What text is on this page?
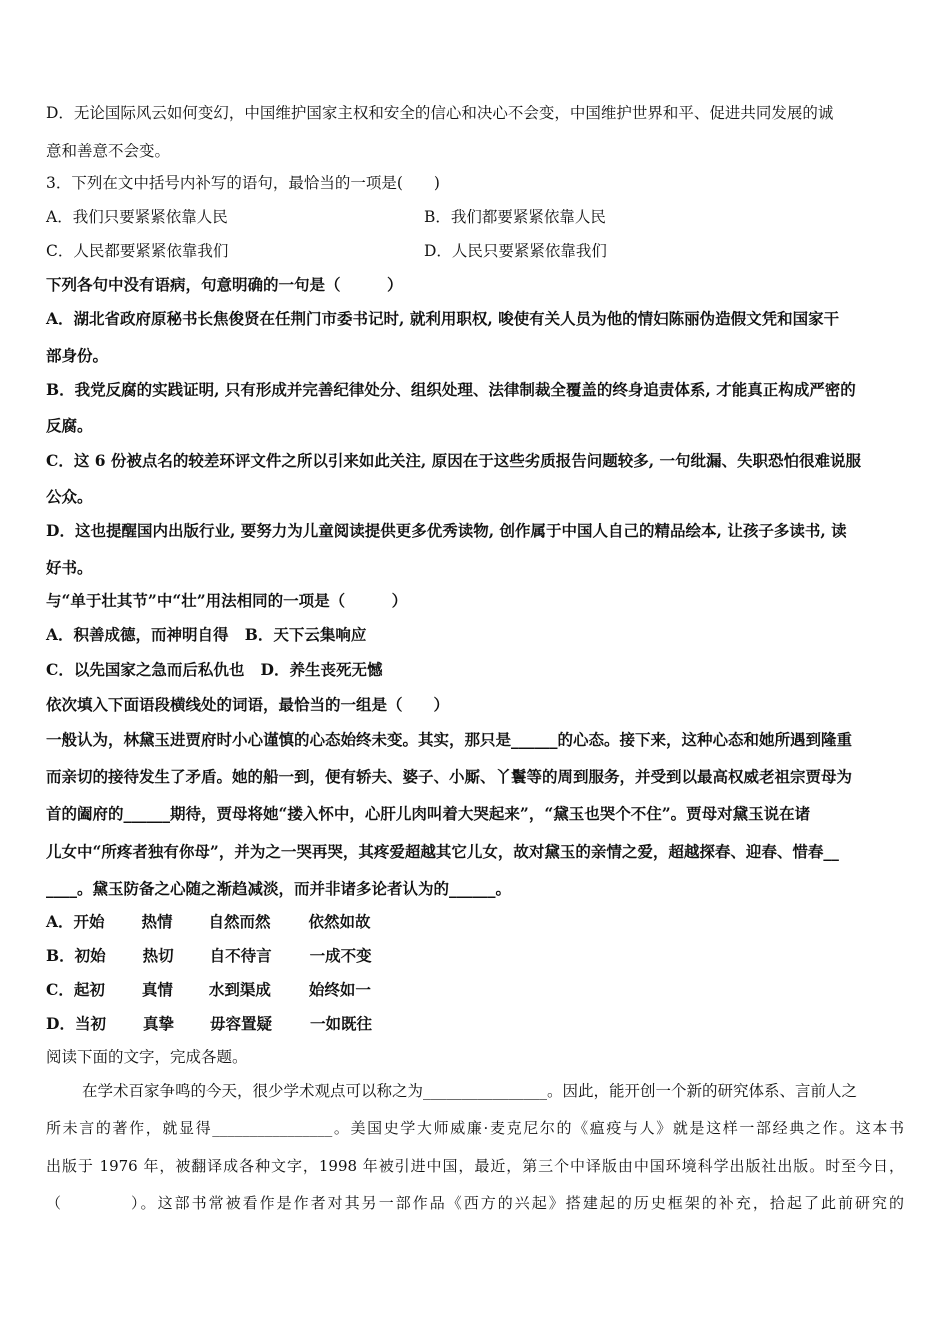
D．无论国际风云如何变幻，中国维护国家主权和安全的信心和决心不会变，中国维护世界和平、促进共同发展的诚
意和善意不会变。
3．下列在文中括号内补写的语句，最恰当的一项是(　　)
A．我们只要紧紧依靠人民	B．我们都要紧紧依靠人民
C．人民都要紧紧依靠我们	D．人民只要紧紧依靠我们
下列各句中没有语病，句意明确的一句是（　　　）
A．湖北省政府原秘书长焦俊贤在任荆门市委书记时, 就利用职权, 唆使有关人员为他的情妇陈丽伪造假文凭和国家干
部身份。
B．我党反腐的实践证明, 只有形成并完善纪律处分、组织处理、法律制裁全覆盖的终身追责体系, 才能真正构成严密的
反腐。
C．这 6 份被点名的较差环评文件之所以引来如此关注, 原因在于这些劣质报告问题较多, 一句纰漏、失职恐怕很难说服
公众。
D．这也提醒国内出版行业, 要努力为儿童阅读提供更多优秀读物, 创作属于中国人自己的精品绘本, 让孩子多读书, 读
好书。
与“单于壮其节”中“壮”用法相同的一项是（　　　）
A．积善成德，而神明自得 B．天下云集响应
C．以先国家之急而后私仇也 D．养生丧死无憾
依次填入下面语段横线处的词语，最恰当的一组是（　　）
一般认为，林黛玉进贾府时小心谨慎的心态始终未变。其实，那只是______的心态。接下来，这种心态和她所遇到隆重
而亲切的接待发生了矛盾。她的船一到，便有轿夫、婆子、小厮、丫鬟等的周到服务，并受到以最高权威老祖宗贾母为
首的阖府的______期待，贾母将她“搂入怀中，心肝儿肉叫着大哭起来”，“黛玉也哭个不住”。贾母对黛玉说在诸
儿女中“所疼者独有你母”，并为之一哭再哭，其疼爱超越其它儿女，故对黛玉的亲情之爱，超越探春、迎春、惜春__
____。黛玉防备之心随之渐趋减淡，而并非诸多论者认为的______。
A．开始 热情 自然而然 依然如故
B．初始 热切 自不待言 一成不变
C．起初 真情 水到渠成 始终如一
D．当初 真挚 毋容置疑 一如既往
阅读下面的文字，完成各题。
在学术百家争鸣的今天，很少学术观点可以称之为________________。因此，能开创一个新的研究体系、言前人之
所未言的著作，就显得________________。美国史学大师威廉·麦克尼尔的《瘟疫与人》就是这样一部经典之作。这本书
出版于 1976 年，被翻译成各种文字，1998 年被引进中国，最近，第三个中译版由中国环境科学出版社出版。时至今日，
（　　　　）。这部书常被看作是作者对其另一部作品《西方的兴起》搭建起的历史框架的补充，拾起了此前研究的
